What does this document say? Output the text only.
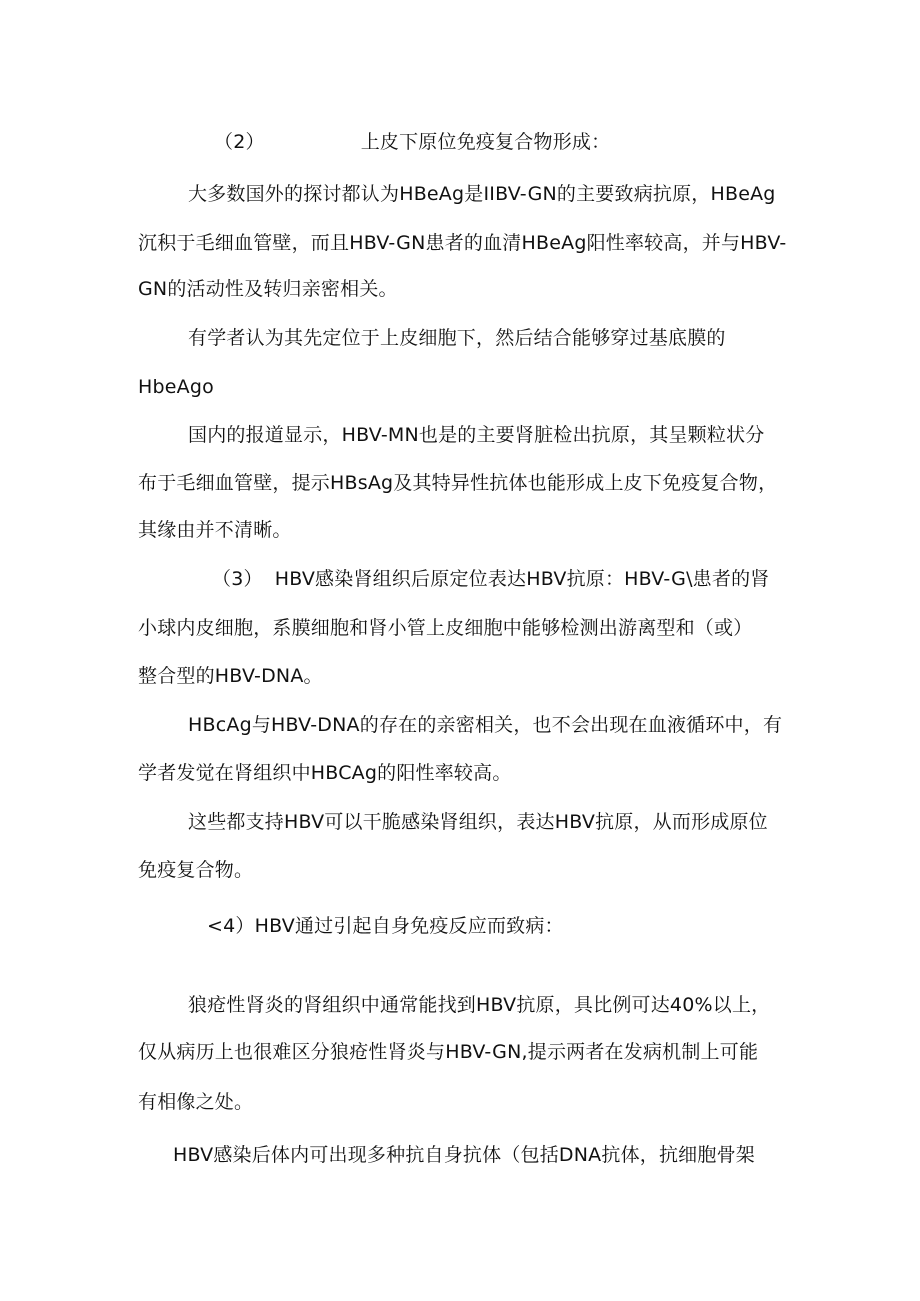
（2）	上皮下原位免疫复合物形成：
大多数国外的探讨都认为HBeAg是IIBV-GN的主要致病抗原，HBeAg
沉积于毛细血管壁，而且HBV-GN患者的血清HBeAg阳性率较高，并与HBV-
GN的活动性及转归亲密相关。
有学者认为其先定位于上皮细胞下，然后结合能够穿过基底膜的
HbeAgo
国内的报道显示，HBV-MN也是的主要肾脏检出抗原，其呈颗粒状分
布于毛细血管壁，提示HBsAg及其特异性抗体也能形成上皮下免疫复合物，
其缘由并不清晰。
（3） HBV感染肾组织后原定位表达HBV抗原：HBV-G\患者的肾
小球内皮细胞，系膜细胞和肾小管上皮细胞中能够检测出游离型和（或）
整合型的HBV-DNA。
HBcAg与HBV-DNA的存在的亲密相关，也不会出现在血液循环中，有
学者发觉在肾组织中HBCAg的阳性率较高。
这些都支持HBV可以干脆感染肾组织，表达HBV抗原，从而形成原位
免疫复合物。
<4）HBV通过引起自身免疫反应而致病：
狼疮性肾炎的肾组织中通常能找到HBV抗原，具比例可达40%以上，
仅从病历上也很难区分狼疮性肾炎与HBV-GN,提示两者在发病机制上可能
有相像之处。
HBV感染后体内可出现多种抗自身抗体（包括DNA抗体，抗细胞骨架
